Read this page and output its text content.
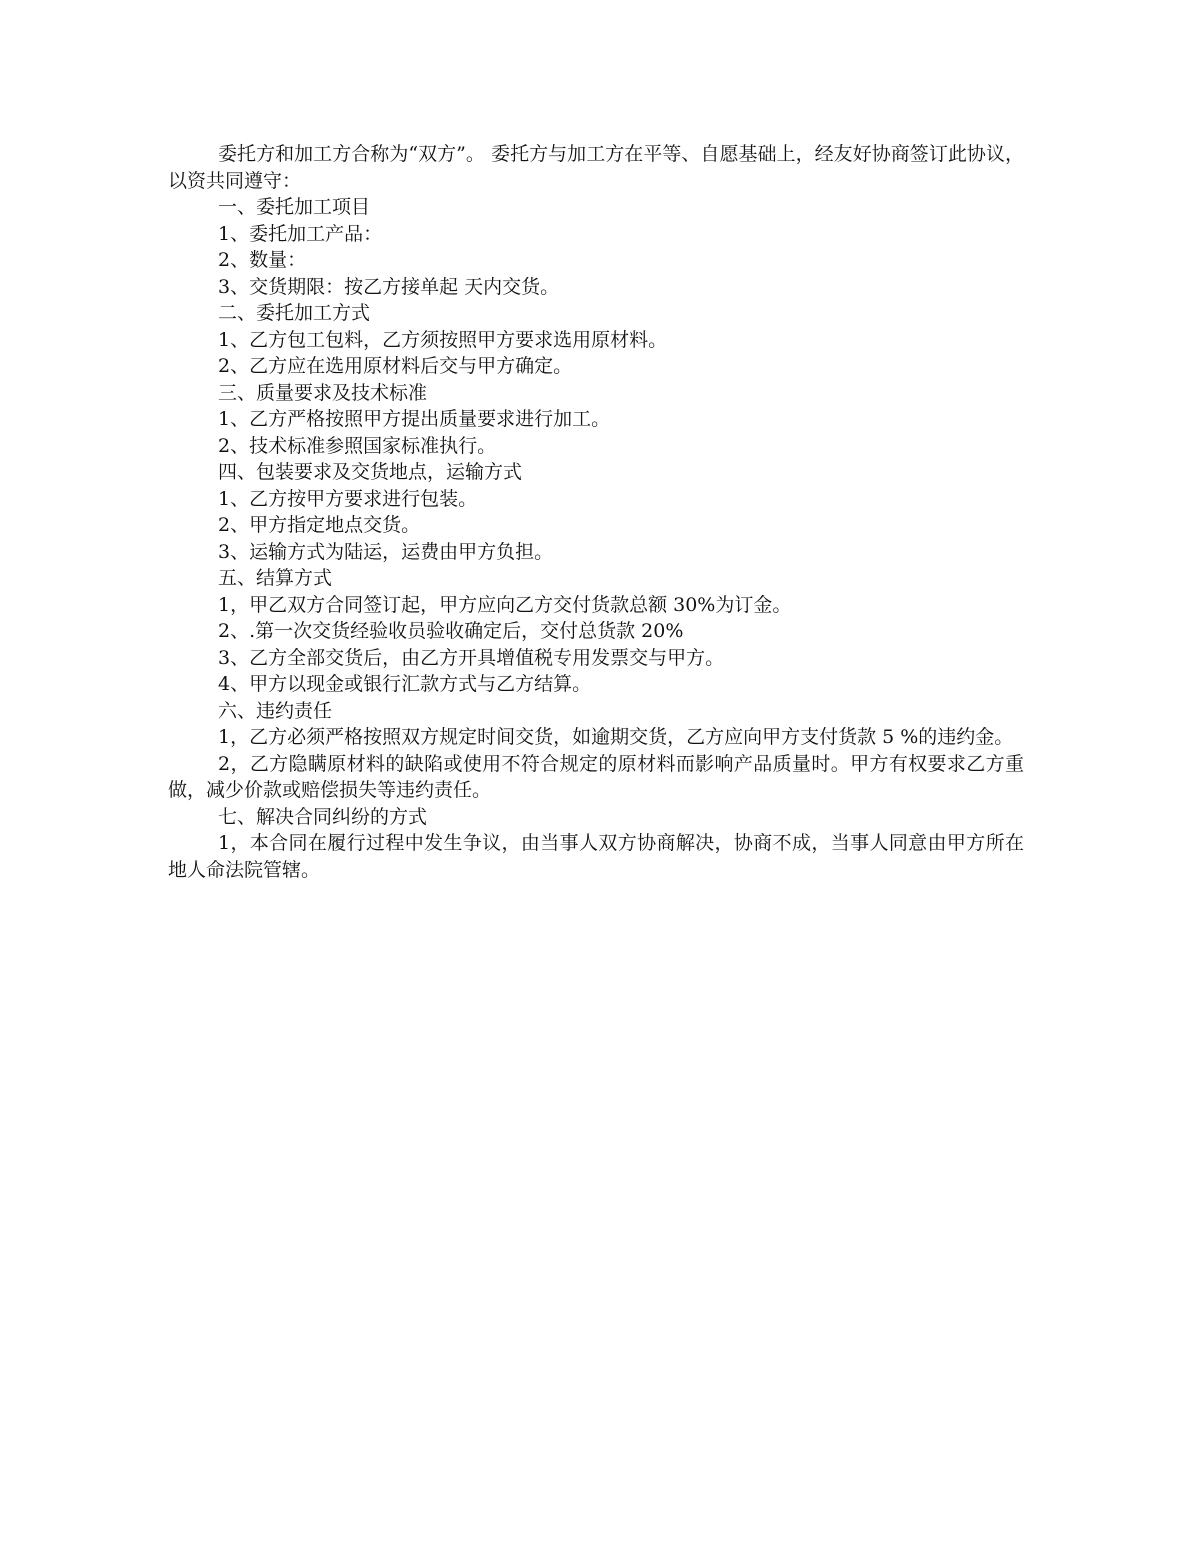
委托方和加工方合称为“双方”。 委托方与加工方在平等、自愿基础上，经友好协商签订此协议，以资共同遵守：

一、委托加工项目

1、委托加工产品：

2、数量：

3、交货期限：按乙方接单起 天内交货。

二、委托加工方式

1、乙方包工包料，乙方须按照甲方要求选用原材料。

2、乙方应在选用原材料后交与甲方确定。

三、质量要求及技术标准

1、乙方严格按照甲方提出质量要求进行加工。

2、技术标准参照国家标准执行。

四、包装要求及交货地点，运输方式

1、乙方按甲方要求进行包装。

2、甲方指定地点交货。

3、运输方式为陆运，运费由甲方负担。

五、结算方式

1，甲乙双方合同签订起，甲方应向乙方交付货款总额 30%为订金。

2、.第一次交货经验收员验收确定后，交付总货款 20%

3、乙方全部交货后，由乙方开具增值税专用发票交与甲方。

4、甲方以现金或银行汇款方式与乙方结算。

六、违约责任

1，乙方必须严格按照双方规定时间交货，如逾期交货，乙方应向甲方支付货款 5 %的违约金。

2，乙方隐瞒原材料的缺陷或使用不符合规定的原材料而影响产品质量时。甲方有权要求乙方重做，减少价款或赔偿损失等违约责任。

七、解决合同纠纷的方式

1，本合同在履行过程中发生争议，由当事人双方协商解决，协商不成，当事人同意由甲方所在地人命法院管辖。
